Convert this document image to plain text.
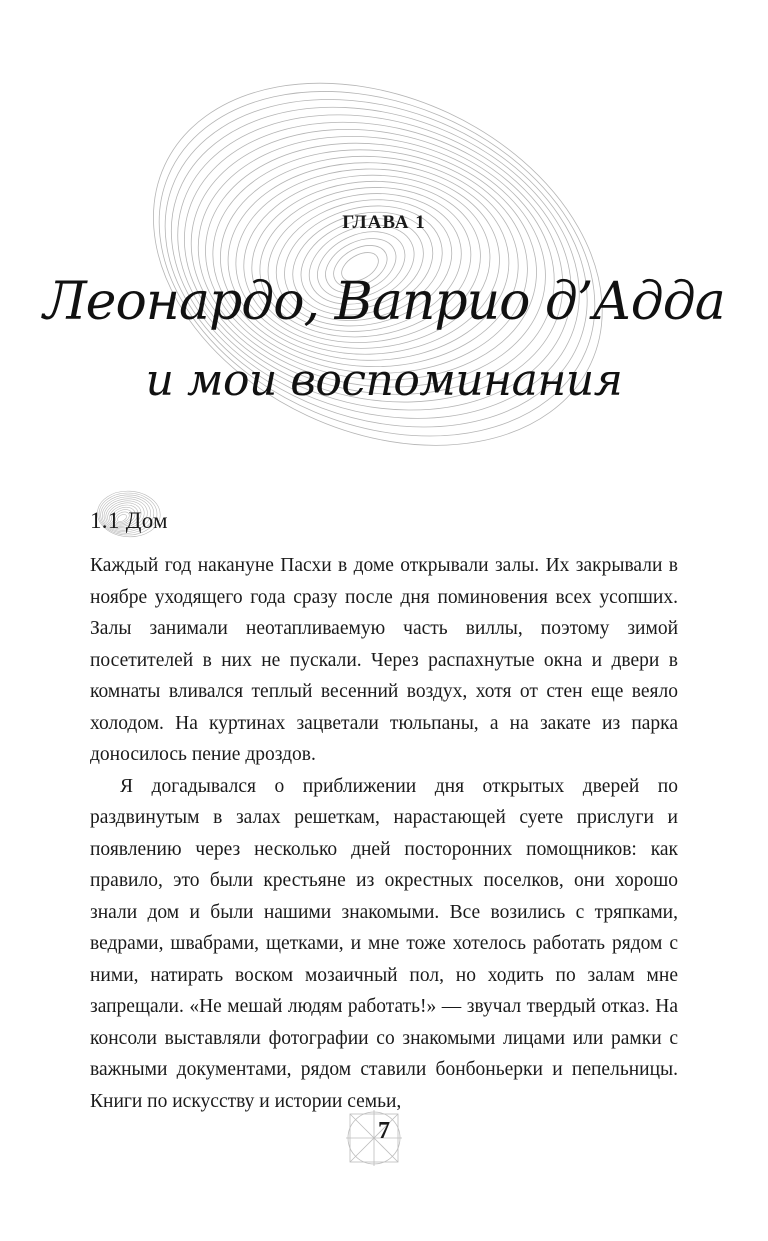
ГЛАВА 1
Леонардо, Ваприо д’Адда
и мои воспоминания
1.1 Дом

Каждый год накануне Пасхи в доме открывали залы. Их закрывали в ноябре уходящего года сразу после дня поминовения всех усопших. Залы занимали неотапливаемую часть виллы, поэтому зимой посетителей в них не пускали. Через распахнутые окна и двери в комнаты вливался теплый весенний воздух, хотя от стен еще веяло холодом. На куртинах зацветали тюльпаны, а на закате из парка доносилось пение дроздов.

Я догадывался о приближении дня открытых дверей по раздвинутым в залах решеткам, нарастающей суете прислуги и появлению через несколько дней посторонних помощников: как правило, это были крестьяне из окрестных поселков, они хорошо знали дом и были нашими знакомыми. Все возились с тряпками, ведрами, швабрами, щетками, и мне тоже хотелось работать рядом с ними, натирать воском мозаичный пол, но ходить по залам мне запрещали. «Не мешай людям работать!» — звучал твердый отказ. На консоли выставляли фотографии со знакомыми лицами или рамки с важными документами, рядом ставили бонбоньерки и пепельницы. Книги по искусству и истории семьи,

7
